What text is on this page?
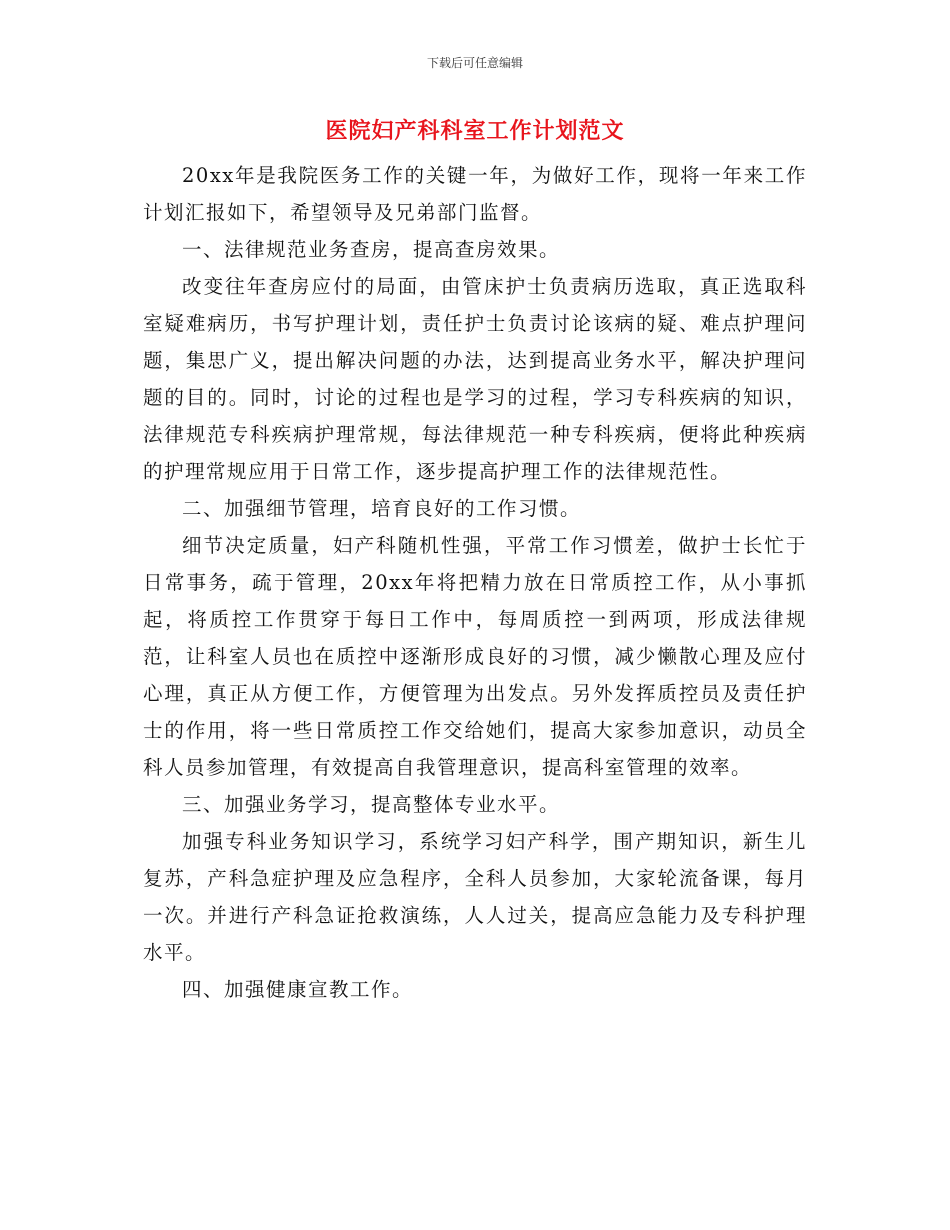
下载后可任意编辑
医院妇产科科室工作计划范文

20xx年是我院医务工作的关键一年，为做好工作，现将一年来工作计划汇报如下，希望领导及兄弟部门监督。

一、法律规范业务查房，提高查房效果。

改变往年查房应付的局面，由管床护士负责病历选取，真正选取科室疑难病历，书写护理计划，责任护士负责讨论该病的疑、难点护理问题，集思广义，提出解决问题的办法，达到提高业务水平，解决护理问题的目的。同时，讨论的过程也是学习的过程，学习专科疾病的知识，法律规范专科疾病护理常规，每法律规范一种专科疾病，便将此种疾病的护理常规应用于日常工作，逐步提高护理工作的法律规范性。

二、加强细节管理，培育良好的工作习惯。

细节决定质量，妇产科随机性强，平常工作习惯差，做护士长忙于日常事务，疏于管理，20xx年将把精力放在日常质控工作，从小事抓起，将质控工作贯穿于每日工作中，每周质控一到两项，形成法律规范，让科室人员也在质控中逐渐形成良好的习惯，减少懒散心理及应付心理，真正从方便工作，方便管理为出发点。另外发挥质控员及责任护士的作用，将一些日常质控工作交给她们，提高大家参加意识，动员全科人员参加管理，有效提高自我管理意识，提高科室管理的效率。

三、加强业务学习，提高整体专业水平。

加强专科业务知识学习，系统学习妇产科学，围产期知识，新生儿复苏，产科急症护理及应急程序，全科人员参加，大家轮流备课，每月一次。并进行产科急证抢救演练，人人过关，提高应急能力及专科护理水平。

四、加强健康宣教工作。
